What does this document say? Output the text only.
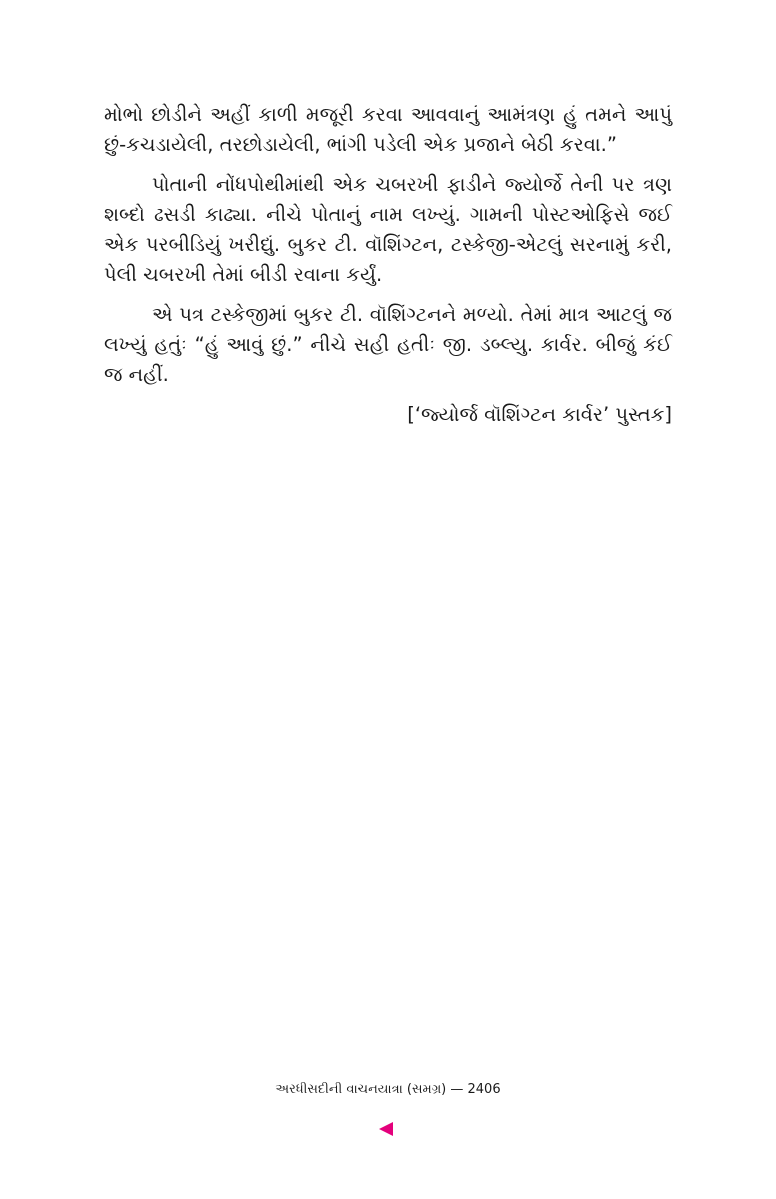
મોભો છોડીને અહીં કાળી મજૂરી કરવા આવવાનું આમંત્રણ હું તમને આપું છું-કચડાયેલી, તરછોડાયેલી, ભાંગી પડેલી એક પ્રજાને બેઠી કરવા.”

પોતાની નોંધપોથીમાંથી એક ચબરખી ફાડીને જ્યોર્જે તેની પર ત્રણ શબ્દો ઢસડી કાઢ્યા. નીચે પોતાનું નામ લખ્યું. ગામની પોસ્ટઓફિસે જઈ એક પરબીડિયું ખરીદ્યું. બુકર ટી. વૉશિંગ્ટન, ટસ્કેજી-એટલું સરનામું કરી, પેલી ચબરખી તેમાં બીડી રવાના કર્યું.

એ પત્ર ટસ્કેજીમાં બુકર ટી. વૉશિંગ્ટનને મળ્યો. તેમાં માત્ર આટલું જ લખ્યું હતુંઃ “હું આવું છું.” નીચે સહી હતીઃ જી. ડબ્લ્યુ. કાર્વર. બીજું કંઈ જ નહીં.

[‘જ્યોર્જ વૉશિંગ્ટન કાર્વર’ પુસ્તક]

અરધીસદીની વાચનયાત્રા (સમગ્ર) — 2406
